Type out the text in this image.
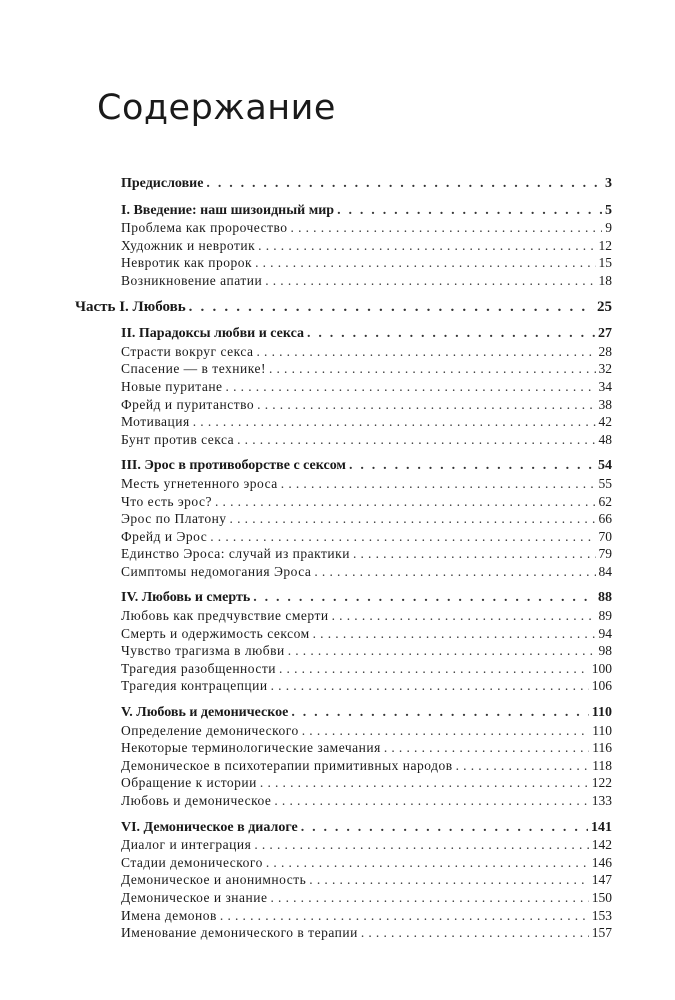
Содержание
Предисловие . . .	3
I. Введение: наш шизоидный мир . . .	5
Проблема как пророчество . . .	9
Художник и невротик . . .	12
Невротик как пророк . . .	15
Возникновение апатии . . .	18
Часть I. Любовь . . .	25
II. Парадоксы любви и секса . . .	27
Страсти вокруг секса . . .	28
Спасение — в технике! . . .	32
Новые пуритане . . .	34
Фрейд и пуританство . . .	38
Мотивация . . .	42
Бунт против секса . . .	48
III. Эрос в противоборстве с сексом . . .	54
Месть угнетенного эроса . . .	55
Что есть эрос? . . .	62
Эрос по Платону . . .	66
Фрейд и Эрос . . .	70
Единство Эроса: случай из практики . . .	79
Симптомы недомогания Эроса . . .	84
IV. Любовь и смерть . . .	88
Любовь как предчувствие смерти . . .	89
Смерть и одержимость сексом . . .	94
Чувство трагизма в любви . . .	98
Трагедия разобщенности . . .	100
Трагедия контрацепции . . .	106
V. Любовь и демоническое . . .	110
Определение демонического . . .	110
Некоторые терминологические замечания . . .	116
Демоническое в психотерапии примитивных народов . . .	118
Обращение к истории . . .	122
Любовь и демоническое . . .	133
VI. Демоническое в диалоге . . .	141
Диалог и интеграция . . .	142
Стадии демонического . . .	146
Демоническое и анонимность . . .	147
Демоническое и знание . . .	150
Имена демонов . . .	153
Именование демонического в терапии . . .	157
